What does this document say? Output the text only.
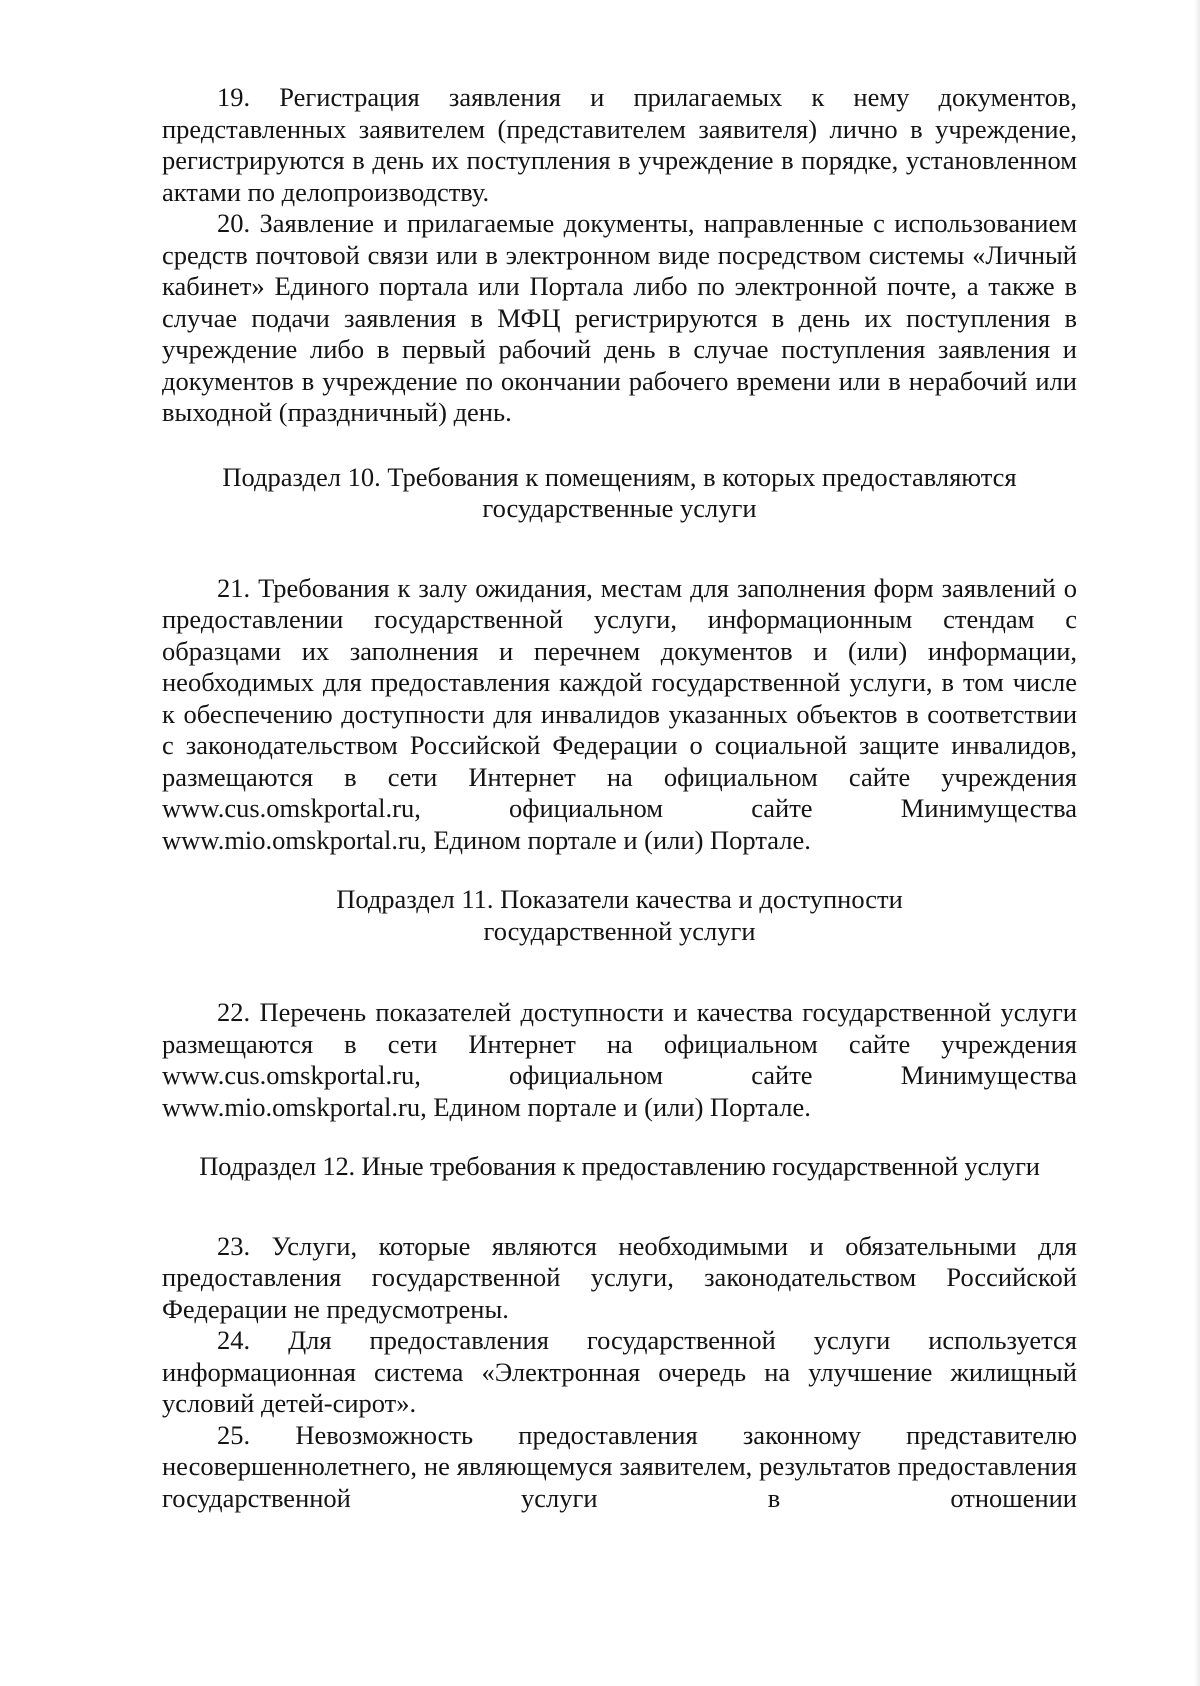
19. Регистрация заявления и прилагаемых к нему документов, представленных заявителем (представителем заявителя) лично в учреждение, регистрируются в день их поступления в учреждение в порядке, установленном актами по делопроизводству.

20. Заявление и прилагаемые документы, направленные с использованием средств почтовой связи или в электронном виде посредством системы «Личный кабинет» Единого портала или Портала либо по электронной почте, а также в случае подачи заявления в МФЦ регистрируются в день их поступления в учреждение либо в первый рабочий день в случае поступления заявления и документов в учреждение по окончании рабочего времени или в нерабочий или выходной (праздничный) день.

Подраздел 10. Требования к помещениям, в которых предоставляются
государственные услуги

21. Требования к залу ожидания, местам для заполнения форм заявлений о предоставлении государственной услуги, информационным стендам с образцами их заполнения и перечнем документов и (или) информации, необходимых для предоставления каждой государственной услуги, в том числе к обеспечению доступности для инвалидов указанных объектов в соответствии с законодательством Российской Федерации о социальной защите инвалидов, размещаются в сети Интернет на официальном сайте учреждения www.cus.omskportal.ru, официальном сайте Минимущества www.mio.omskportal.ru, Едином портале и (или) Портале.

Подраздел 11. Показатели качества и доступности
государственной услуги

22. Перечень показателей доступности и качества государственной услуги размещаются в сети Интернет на официальном сайте учреждения www.cus.omskportal.ru, официальном сайте Минимущества www.mio.omskportal.ru, Едином портале и (или) Портале.

Подраздел 12. Иные требования к предоставлению государственной услуги

23. Услуги, которые являются необходимыми и обязательными для предоставления государственной услуги, законодательством Российской Федерации не предусмотрены.

24. Для предоставления государственной услуги используется информационная система «Электронная очередь на улучшение жилищный условий детей-сирот».

25. Невозможность предоставления законному представителю несовершеннолетнего, не являющемуся заявителем, результатов предоставления государственной услуги в отношении
